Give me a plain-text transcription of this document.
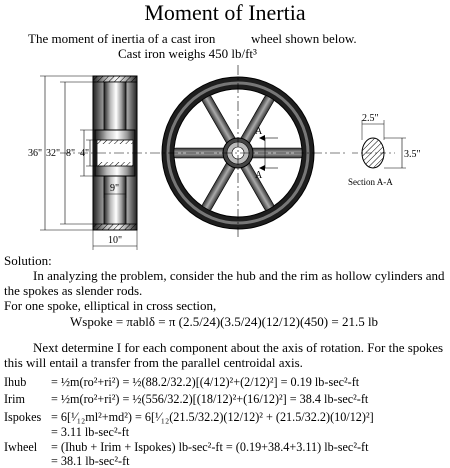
Moment of Inertia
The moment of inertia of a cast iron	wheel shown below.
Cast iron weighs 450 lb/ft³
36" 32" 8" 4"
9"
10"
2.5"
3.5"
A
A
Section A-A
Solution:
In analyzing the problem, consider the hub and the rim as hollow cylinders and
the spokes as slender rods.
For one spoke, elliptical in cross section,
Wspoke = πablδ = π (2.5/24)(3.5/24)(12/12)(450) = 21.5 lb
Next determine I for each component about the axis of rotation. For the spokes
this will entail a transfer from the parallel centroidal axis.
Ihub = ½m(ro²+ri²) = ½(88.2/32.2)[(4/12)²+(2/12)²] = 0.19 lb-sec²-ft
Irim = ½m(ro²+ri²) = ½(556/32.2)[(18/12)²+(16/12)²] = 38.4 lb-sec²-ft
Ispokes = 6[¹⁄₁₂ml²+md²) = 6[¹⁄₁₂(21.5/32.2)(12/12)² + (21.5/32.2)(10/12)²]
= 3.11 lb-sec²-ft
Iwheel = (Ihub + Irim + Ispokes) lb-sec²-ft = (0.19+38.4+3.11) lb-sec²-ft
= 38.1 lb-sec²-ft
